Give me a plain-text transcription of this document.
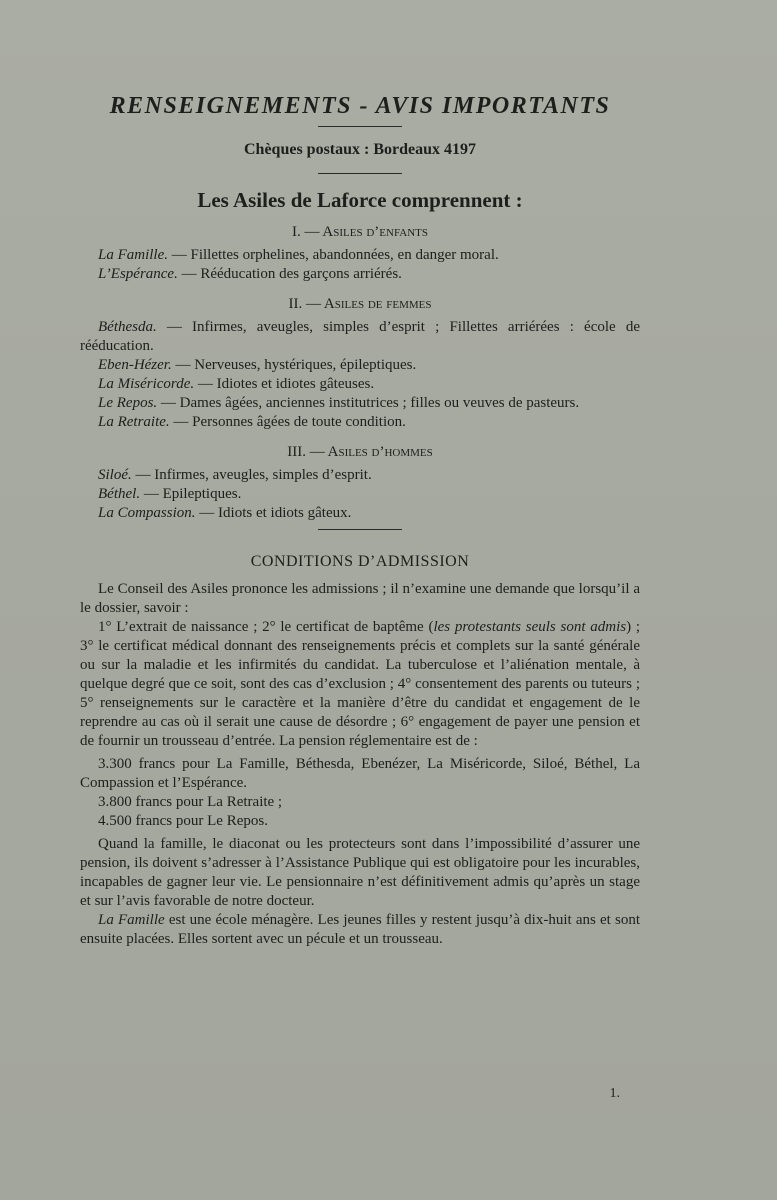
RENSEIGNEMENTS - AVIS IMPORTANTS
Chèques postaux : Bordeaux 4197
Les Asiles de Laforce comprennent :
I. — Asiles d’enfants

La Famille. — Fillettes orphelines, abandonnées, en danger moral.

L’Espérance. — Rééducation des garçons arriérés.

II. — Asiles de femmes

Béthesda. — Infirmes, aveugles, simples d’esprit ; Fillettes arriérées : école de rééducation.

Eben-Hézer. — Nerveuses, hystériques, épileptiques.

La Miséricorde. — Idiotes et idiotes gâteuses.

Le Repos. — Dames âgées, anciennes institutrices ; filles ou veuves de pasteurs.

La Retraite. — Personnes âgées de toute condition.

III. — Asiles d’hommes

Siloé. — Infirmes, aveugles, simples d’esprit.

Béthel. — Epileptiques.

La Compassion. — Idiots et idiots gâteux.

CONDITIONS D’ADMISSION

Le Conseil des Asiles prononce les admissions ; il n’examine une demande que lorsqu’il a le dossier, savoir :

1° L’extrait de naissance ; 2° le certificat de baptême (les protestants seuls sont admis) ; 3° le certificat médical donnant des renseignements précis et complets sur la santé générale ou sur la maladie et les infirmités du candidat. La tuberculose et l’aliénation mentale, à quelque degré que ce soit, sont des cas d’exclusion ; 4° consentement des parents ou tuteurs ; 5° renseignements sur le caractère et la manière d’être du candidat et engagement de le reprendre au cas où il serait une cause de désordre ; 6° engagement de payer une pension et de fournir un trousseau d’entrée. La pension réglementaire est de :

3.300 francs pour La Famille, Béthesda, Ebenézer, La Miséricorde, Siloé, Béthel, La Compassion et l’Espérance.

3.800 francs pour La Retraite ;

4.500 francs pour Le Repos.

Quand la famille, le diaconat ou les protecteurs sont dans l’impossibilité d’assurer une pension, ils doivent s’adresser à l’Assistance Publique qui est obligatoire pour les incurables, incapables de gagner leur vie. Le pensionnaire n’est définitivement admis qu’après un stage et sur l’avis favorable de notre docteur.

La Famille est une école ménagère. Les jeunes filles y restent jusqu’à dix-huit ans et sont ensuite placées. Elles sortent avec un pécule et un trousseau.

1.
